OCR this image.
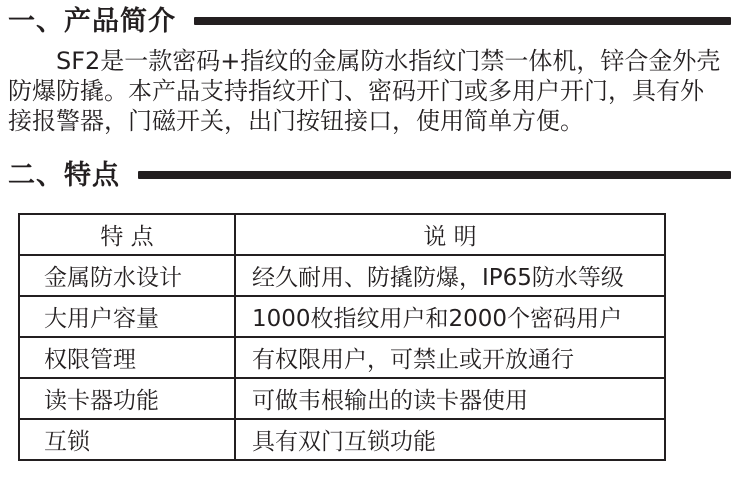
一、产品简介
SF2是一款密码+指纹的金属防水指纹门禁一体机，锌合金外壳
防爆防撬。本产品支持指纹开门、密码开门或多用户开门，具有外
接报警器，门磁开关，出门按钮接口，使用简单方便。
二、特点
特 点	说 明
金属防水设计	经久耐用、防撬防爆，IP65防水等级
大用户容量	1000枚指纹用户和2000个密码用户
权限管理	有权限用户，可禁止或开放通行
读卡器功能	可做韦根输出的读卡器使用
互锁	具有双门互锁功能
